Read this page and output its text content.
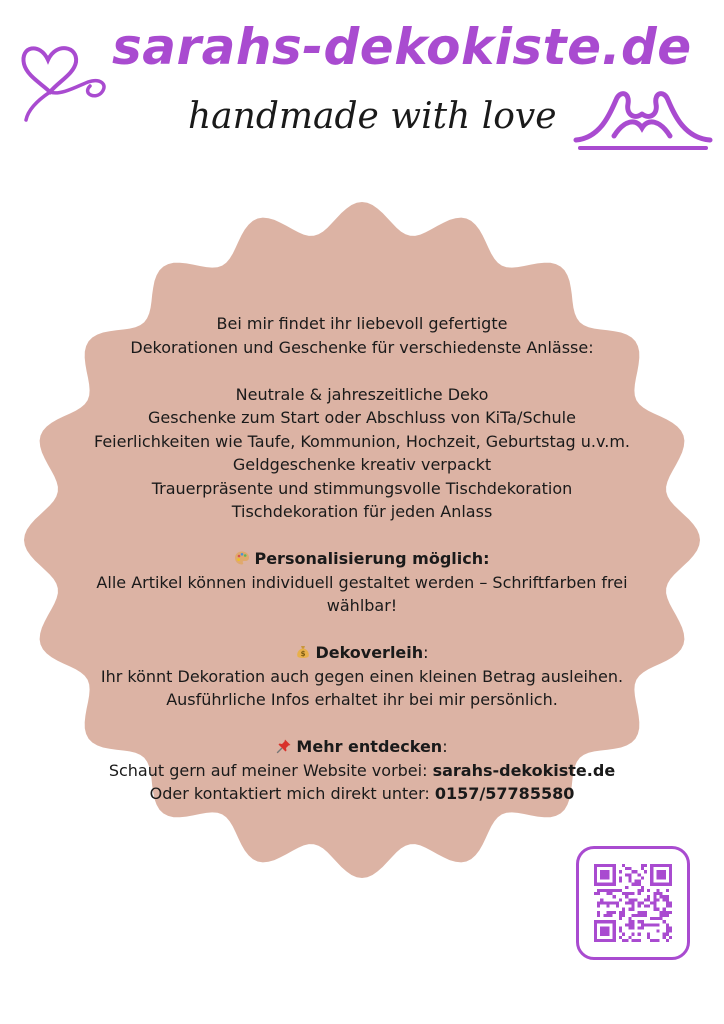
sarahs-dekokiste.de
handmade with love

Bei mir findet ihr liebevoll gefertigte

Dekorationen und Geschenke für verschiedenste Anlässe:

Neutrale & jahreszeitliche Deko

Geschenke zum Start oder Abschluss von KiTa/Schule

Feierlichkeiten wie Taufe, Kommunion, Hochzeit, Geburtstag u.v.m.

Geldgeschenke kreativ verpackt

Trauerpräsente und stimmungsvolle Tischdekoration

Tischdekoration für jeden Anlass

Personalisierung möglich:

Alle Artikel können individuell gestaltet werden – Schriftfarben frei wählbar!

$ Dekoverleih:

Ihr könnt Dekoration auch gegen einen kleinen Betrag ausleihen.

Ausführliche Infos erhaltet ihr bei mir persönlich.

Mehr entdecken:

Schaut gern auf meiner Website vorbei: sarahs-dekokiste.de

Oder kontaktiert mich direkt unter: 0157/57785580
